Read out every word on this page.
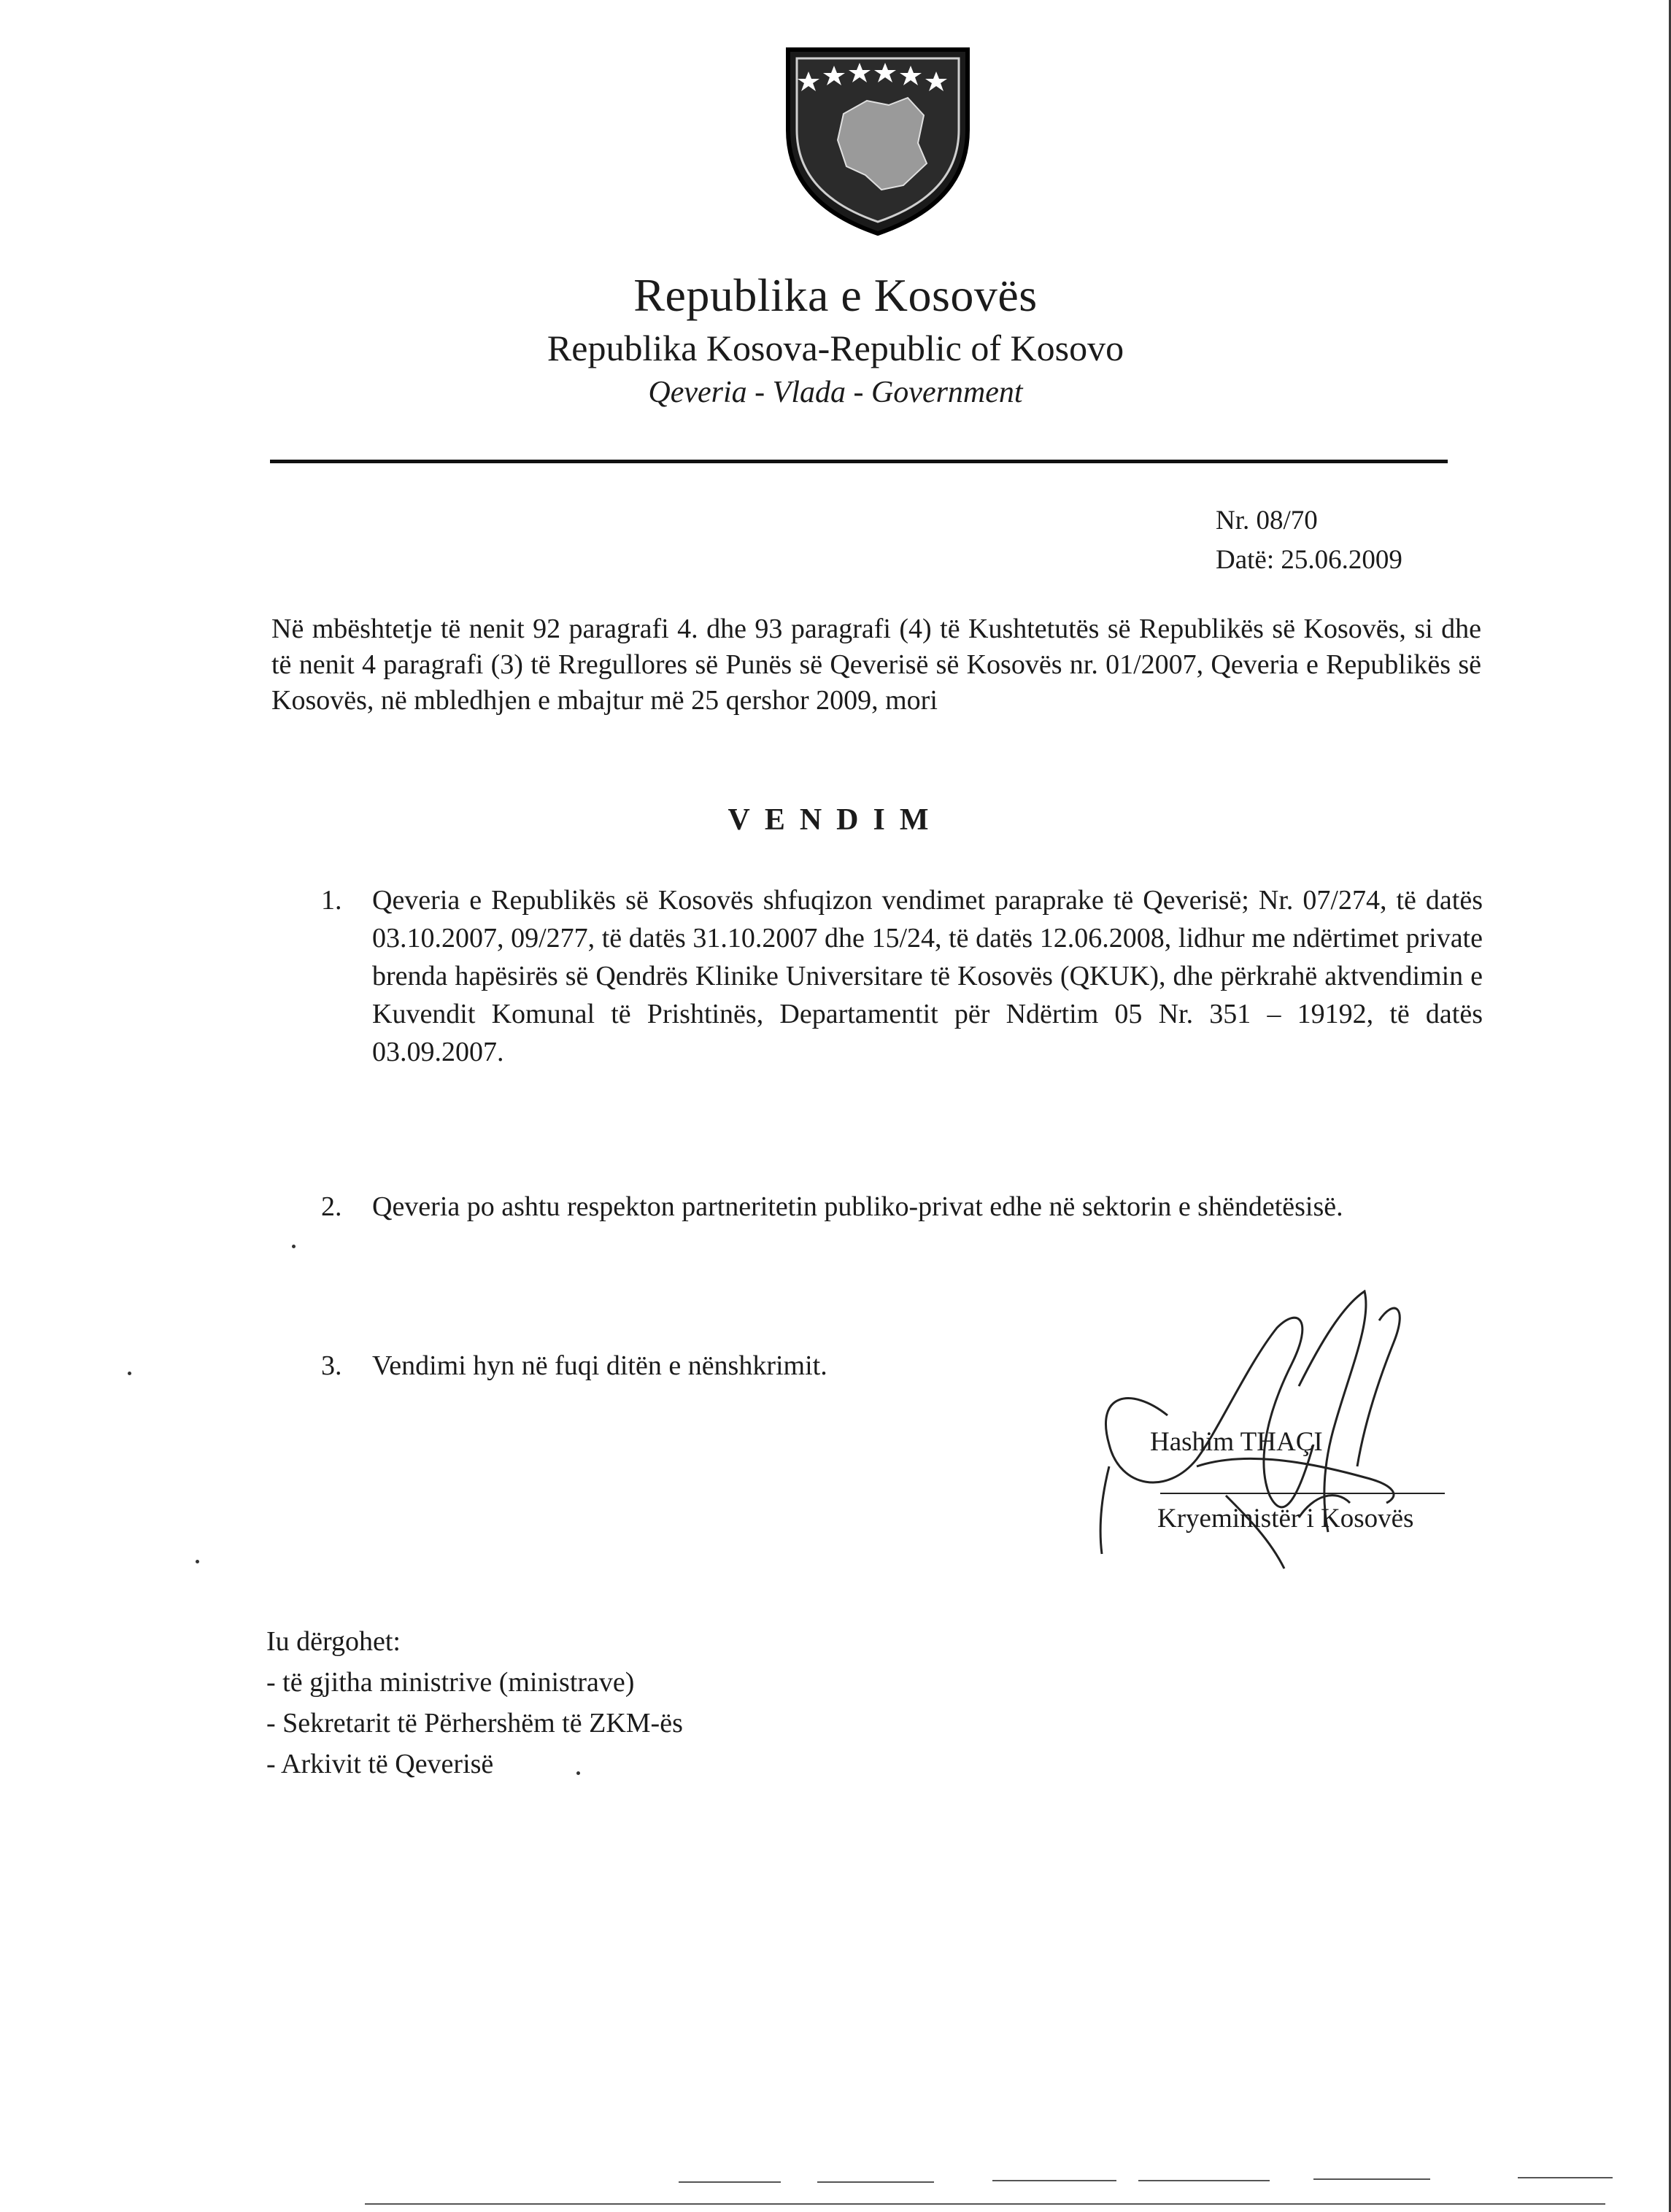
Republika e Kosovës
Republika Kosova-Republic of Kosovo
Qeveria - Vlada - Government
Nr. 08/70
Datë: 25.06.2009

Në mbështetje të nenit 92 paragrafi 4. dhe 93 paragrafi (4) të Kushtetutës së Republikës së Kosovës, si dhe të nenit 4 paragrafi (3) të Rregullores së Punës së Qeverisë së Kosovës nr. 01/2007, Qeveria e Republikës së Kosovës, në mbledhjen e mbajtur më 25 qershor 2009, mori

VENDIM
1.	Qeveria e Republikës së Kosovës shfuqizon vendimet paraprake të Qeverisë; Nr. 07/274, të datës 03.10.2007, 09/277, të datës 31.10.2007 dhe 15/24, të datës 12.06.2008, lidhur me ndërtimet private brenda hapësirës së Qendrës Klinike Universitare të Kosovës (QKUK), dhe përkrahë aktvendimin e Kuvendit Komunal të Prishtinës, Departamentit për Ndërtim 05 Nr. 351 – 19192, të datës 03.09.2007.

2.	Qeveria po ashtu respekton partneritetin publiko-privat edhe në sektorin e shëndetësisë.

3.	Vendimi hyn në fuqi ditën e nënshkrimit.

Hashim THAÇI
Kryeministër i Kosovës
Iu dërgohet:
- të gjitha ministrive (ministrave)
- Sekretarit të Përhershëm të ZKM-ës
- Arkivit të Qeverisë
